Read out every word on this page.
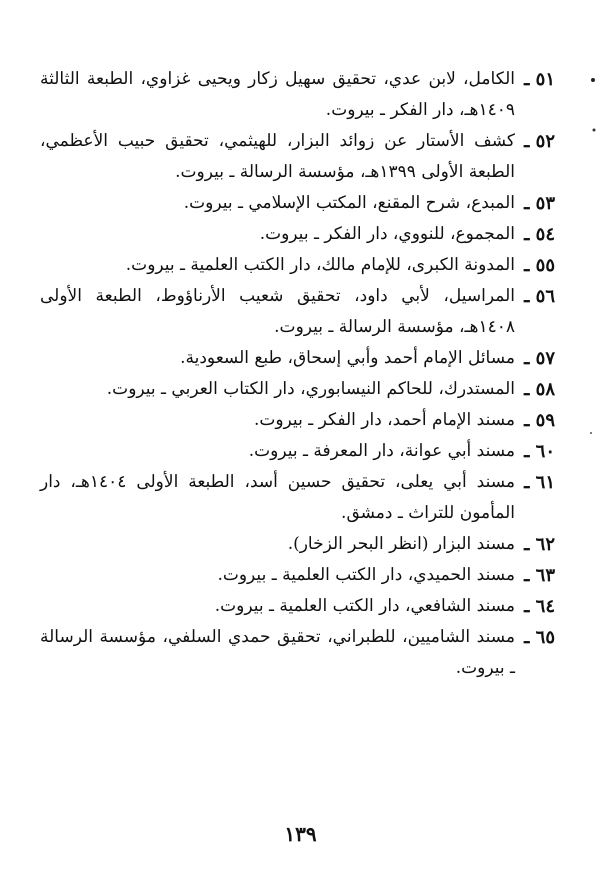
٥١ ـ
الكامل، لابن عدي، تحقيق سهيل زكار ويحيى غزاوي، الطبعة الثالثة ١٤٠٩هـ، دار الفكر ـ بيروت.
٥٢ ـ
كشف الأستار عن زوائد البزار، للهيثمي، تحقيق حبيب الأعظمي، الطبعة الأولى ١٣٩٩هـ، مؤسسة الرسالة ـ بيروت.
٥٣ ـ
المبدع، شرح المقنع، المكتب الإسلامي ـ بيروت.
٥٤ ـ
المجموع، للنووي، دار الفكر ـ بيروت.
٥٥ ـ
المدونة الكبرى، للإمام مالك، دار الكتب العلمية ـ بيروت.
٥٦ ـ
المراسيل، لأبي داود، تحقيق شعيب الأرناؤوط، الطبعة الأولى ١٤٠٨هـ، مؤسسة الرسالة ـ بيروت.
٥٧ ـ
مسائل الإمام أحمد وأبي إسحاق، طبع السعودية.
٥٨ ـ
المستدرك، للحاكم النيسابوري، دار الكتاب العربي ـ بيروت.
٥٩ ـ
مسند الإمام أحمد، دار الفكر ـ بيروت.
٦٠ ـ
مسند أبي عوانة، دار المعرفة ـ بيروت.
٦١ ـ
مسند أبي يعلى، تحقيق حسين أسد، الطبعة الأولى ١٤٠٤هـ، دار المأمون للتراث ـ دمشق.
٦٢ ـ
مسند البزار (انظر البحر الزخار).
٦٣ ـ
مسند الحميدي، دار الكتب العلمية ـ بيروت.
٦٤ ـ
مسند الشافعي، دار الكتب العلمية ـ بيروت.
٦٥ ـ
مسند الشاميين، للطبراني، تحقيق حمدي السلفي، مؤسسة الرسالة ـ بيروت.
١٣٩
